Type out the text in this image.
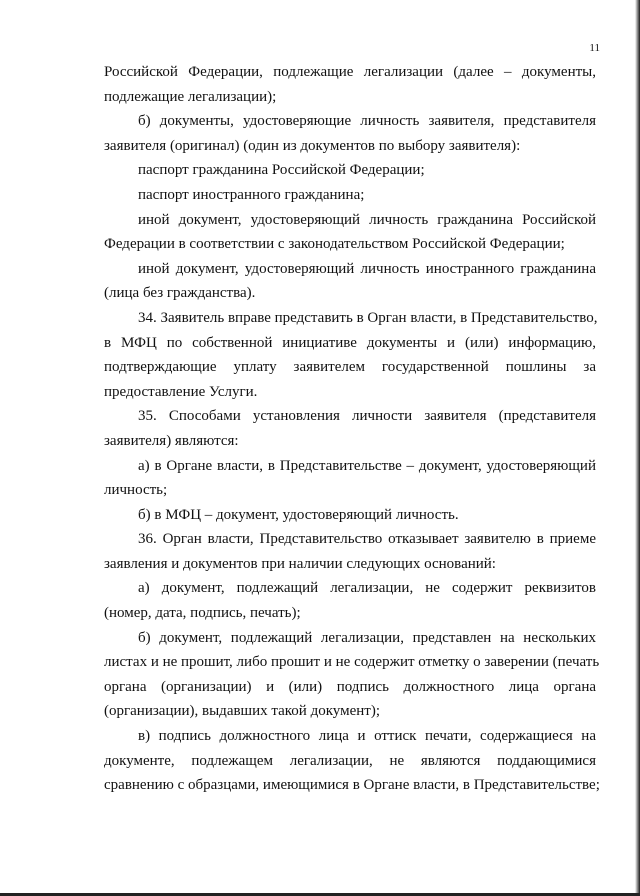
11
Российской Федерации, подлежащие легализации (далее – документы,
подлежащие легализации);
б) документы, удостоверяющие личность заявителя, представителя
заявителя (оригинал) (один из документов по выбору заявителя):
паспорт гражданина Российской Федерации;
паспорт иностранного гражданина;
иной документ, удостоверяющий личность гражданина Российской
Федерации в соответствии с законодательством Российской Федерации;
иной документ, удостоверяющий личность иностранного гражданина
(лица без гражданства).
34. Заявитель вправе представить в Орган власти, в Представительство,
в МФЦ по собственной инициативе документы и (или) информацию,
подтверждающие уплату заявителем государственной пошлины за
предоставление Услуги.
35. Способами установления личности заявителя (представителя
заявителя) являются:
а) в Органе власти, в Представительстве – документ, удостоверяющий
личность;
б) в МФЦ – документ, удостоверяющий личность.
36. Орган власти, Представительство отказывает заявителю в приеме
заявления и документов при наличии следующих оснований:
а) документ, подлежащий легализации, не содержит реквизитов
(номер, дата, подпись, печать);
б) документ, подлежащий легализации, представлен на нескольких
листах и не прошит, либо прошит и не содержит отметку о заверении (печать
органа (организации) и (или) подпись должностного лица органа
(организации), выдавших такой документ);
в) подпись должностного лица и оттиск печати, содержащиеся на
документе, подлежащем легализации, не являются поддающимися
сравнению с образцами, имеющимися в Органе власти, в Представительстве;
